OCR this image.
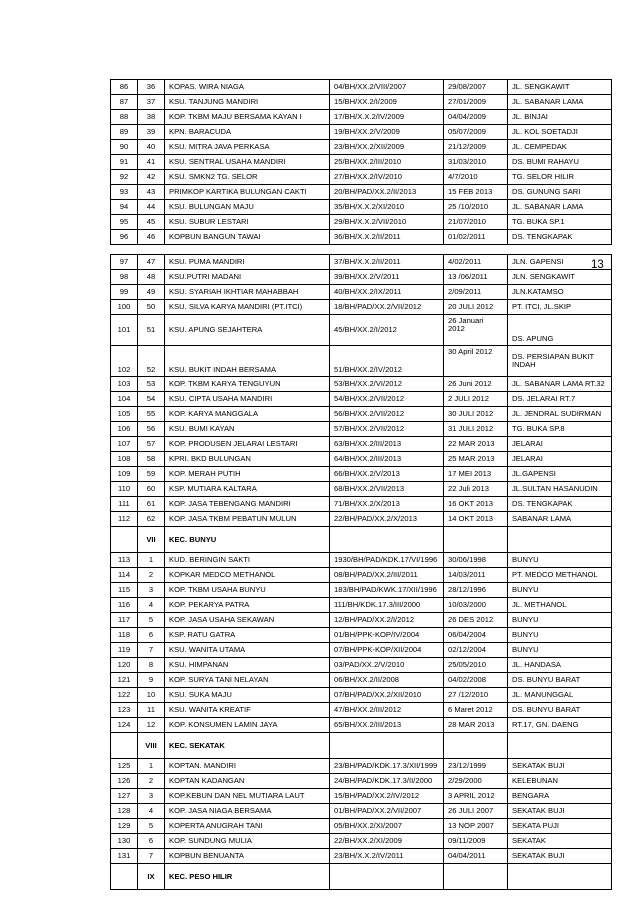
86	36	KOPAS. WIRA NIAGA	04/BH/XX.2/VIII/2007	29/08/2007	JL. SENGKAWIT
87	37	KSU. TANJUNG MANDIRI	15/BH/XX.2/I/2009	27/01/2009	JL. SABANAR LAMA
88	38	KOP. TKBM MAJU BERSAMA KAYAN I	17/BH/X.X.2/IV/2009	04/04/2009	JL. BINJAI
89	39	KPN. BARACUDA	19/BH/XX.2/V/2009	05/07/2009	JL. KOL SOETADJI
90	40	KSU. MITRA JAVA PERKASA	23/BH/XX.2/XII/2009	21/12/2009	JL. CEMPEDAK
91	41	KSU. SENTRAL USAHA MANDIRI	25/BH/XX.2/III/2010	31/03/2010	DS. BUMI RAHAYU
92	42	KSU. SMKN2 TG. SELOR	27/BH/XX.2/IV/2010	4/7/2010	TG. SELOR HILIR
93	43	PRIMKOP KARTIKA BULUNGAN CAKTI	20/BH/PAD/XX.2/II/2013	15 FEB 2013	DS. GUNUNG SARI
94	44	KSU. BULUNGAN MAJU	35/BH/X.X.2/XI/2010	25 /10/2010	JL. SABANAR LAMA
95	45	KSU. SUBUR LESTARI	29/BH/X.X.2/VII/2010	21/07/2010	TG. BUKA SP.1
96	46	KOPBUN BANGUN TAWAI	36/BH/X.X.2/II/2011	01/02/2011	DS. TENGKAPAK
13
97	47	KSU. PUMA MANDIRI	37/BH/X.X.2/II/2011	4/02/2011	JLN. GAPENSI
98	48	KSU.PUTRI MADANI	39/BH/XX.2/V/2011	13 /06/2011	JLN. SENGKAWIT
99	49	KSU. SYARIAH IKHTIAR MAHABBAH	40/BH/XX.2/IX/2011	2/09/2011	JLN.KATAMSO
100	50	KSU. SILVA KARYA MANDIRI (PT.ITCI)	18/BH/PAD/XX.2/VII/2012	20 JULI 2012	PT. ITCI, JL.SKIP
101	51	KSU. APUNG SEJAHTERA	45/BH/XX.2/I/2012	26 Januari
2012	DS. APUNG
102	52	KSU. BUKIT INDAH BERSAMA	51/BH/XX.2/IV/2012	30 April 2012	DS. PERSIAPAN BUKIT
INDAH

103	53	KOP. TKBM KARYA TENGUYUN	53/BH/XX.2/VI/2012	26 Juni 2012	JL. SABANAR LAMA RT.32
104	54	KSU. CIPTA USAHA MANDIRI	54/BH/XX.2/VII/2012	2 JULI 2012	DS. JELARAI RT.7
105	55	KOP. KARYA MANGGALA	56/BH/XX.2/VII/2012	30 JULI 2012	JL. JENDRAL SUDIRMAN
106	56	KSU. BUMI KAYAN	57/BH/XX.2/VII/2012	31 JULI 2012	TG. BUKA SP.8
107	57	KOP. PRODUSEN JELARAI LESTARI	63/BH/XX.2/III/2013	22 MAR 2013	JELARAI
108	58	KPRI. BKD BULUNGAN	64/BH/XX.2/III/2013	25 MAR 2013	JELARAI
109	59	KOP. MERAH PUTIH	66/BH/XX.2/V/2013	17 MEI 2013	JL.GAPENSI
110	60	KSP. MUTIARA KALTARA	68/BH/XX.2/VII/2013	22 Juli 2013	JL.SULTAN HASANUDIN
111	61	KOP. JASA TEBENGANG MANDIRI	71/BH/XX.2/X/2013	16 OKT 2013	DS. TENGKAPAK
112	62	KOP. JASA TKBM PEBATUN MULUN	22/BH/PAD/XX.2/X/2013	14 OKT 2013	SABANAR LAMA
	VII	KEC. BUNYU			
113	1	KUD. BERINGIN SAKTI	1930/BH/PAD/KDK.17/VI/1996	30/06/1998	BUNYU
114	2	KOPKAR MEDCO METHANOL	08/BH/PAD/XX.2/III/2011	14/03/2011	PT. MEDCO METHANOL
115	3	KOP. TKBM USAHA BUNYU	183/BH/PAD/KWK.17/XII/1996	28/12/1996	BUNYU
116	4	KOP. PEKARYA PATRA	111/BH/KDK.17.3/III/2000	10/03/2000	JL. METHANOL
117	5	KOP. JASA USAHA SEKAWAN	12/BH/PAD/XX.2/I/2012	26 DES 2012	BUNYU
118	6	KSP. RATU GATRA	01/BH/PPK-KOP/IV/2004	06/04/2004	BUNYU
119	7	KSU. WANITA UTAMA	07/BH/PPK-KOP/XII/2004	02/12/2004	BUNYU
120	8	KSU. HIMPANAN	03/PAD/XX.2/V/2010	25/05/2010	JL. HANDASA
121	9	KOP. SURYA TANI NELAYAN	06/BH/XX.2/II/2008	04/02/2008	DS. BUNYU BARAT
122	10	KSU. SUKA MAJU	07/BH/PAD/XX.2/XII/2010	27 /12/2010	JL. MANUNGGAL
123	11	KSU. WANITA KREATIF	47/BH/XX.2/III/2012	6 Maret 2012	DS. BUNYU BARAT
124	12	KOP. KONSUMEN LAMIN JAYA	65/BH/XX.2/III/2013	28 MAR 2013	RT.17, GN. DAENG
	VIII	KEC. SEKATAK			
125	1	KOPTAN. MANDIRI	23/BH/PAD/KDK.17.3/XII/1999	23/12/1999	SEKATAK BUJI
126	2	KOPTAN KADANGAN	24/BH/PAD/KDK.17.3/II/2000	2/29/2000	KELEBUNAN
127	3	KOP.KEBUN DAN NEL MUTIARA LAUT	15/BH/PAD/XX.2/IV/2012	3 APRIL 2012	BENGARA
128	4	KOP. JASA NIAGA BERSAMA	01/BH/PAD/XX.2/VII/2007	26 JULI 2007	SEKATAK BUJI
129	5	KOPERTA ANUGRAH TANI	05/BH/XX.2/XI/2007	13 NOP 2007	SEKATA PUJI
130	6	KOP. SUNDUNG MULIA	22/BH/XX.2/XI/2009	09/11/2009	SEKATAK
131	7	KOPBUN BENUANTA	23/BH/X.X.2/IV/2011	04/04/2011	SEKATAK BUJI
	IX	KEC. PESO HILIR			
